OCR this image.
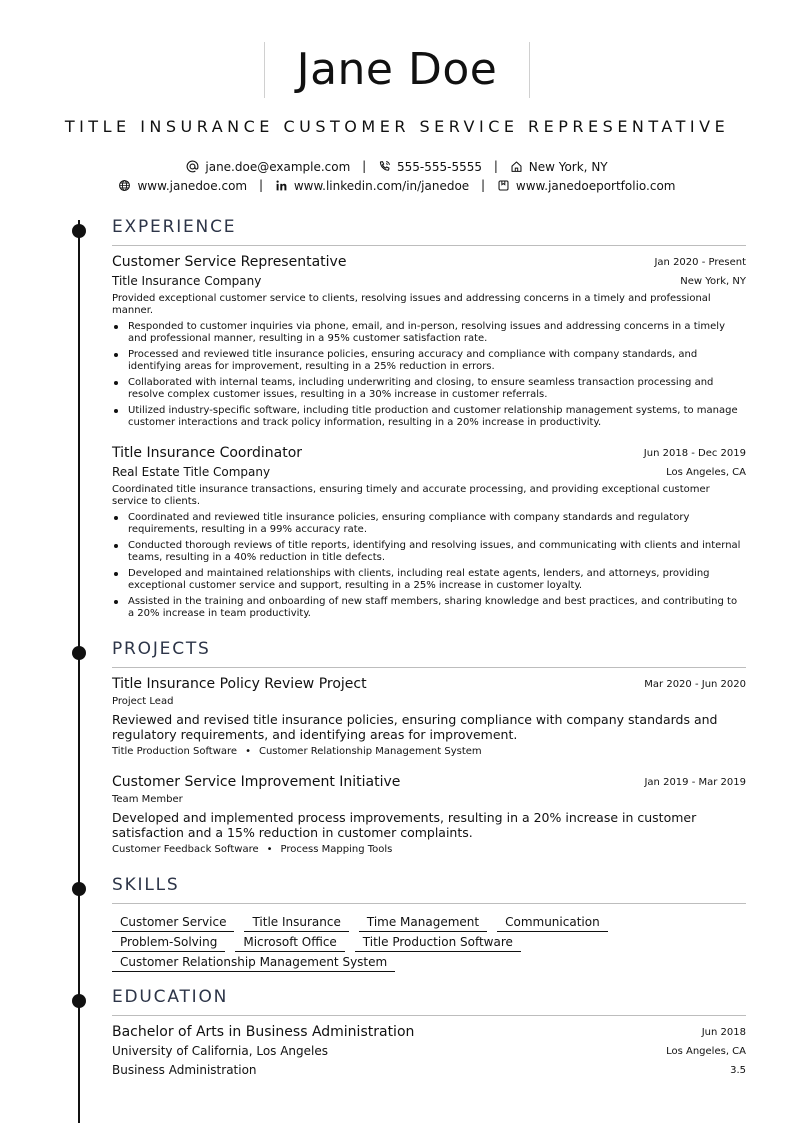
Jane Doe
TITLE INSURANCE CUSTOMER SERVICE REPRESENTATIVE
jane.doe@example.com |	555-555-5555 |	New York, NY
www.janedoe.com |	www.linkedin.com/in/janedoe |	www.janedoeportfolio.com
EXPERIENCE
Customer Service Representative	Jan 2020 - Present
Title Insurance Company	New York, NY
Provided exceptional customer service to clients, resolving issues and addressing concerns in a timely and professional manner.
Responded to customer inquiries via phone, email, and in-person, resolving issues and addressing concerns in a timely and professional manner, resulting in a 95% customer satisfaction rate.
Processed and reviewed title insurance policies, ensuring accuracy and compliance with company standards, and identifying areas for improvement, resulting in a 25% reduction in errors.
Collaborated with internal teams, including underwriting and closing, to ensure seamless transaction processing and resolve complex customer issues, resulting in a 30% increase in customer referrals.
Utilized industry-specific software, including title production and customer relationship management systems, to manage customer interactions and track policy information, resulting in a 20% increase in productivity.
Title Insurance Coordinator	Jun 2018 - Dec 2019
Real Estate Title Company	Los Angeles, CA
Coordinated title insurance transactions, ensuring timely and accurate processing, and providing exceptional customer service to clients.
Coordinated and reviewed title insurance policies, ensuring compliance with company standards and regulatory requirements, resulting in a 99% accuracy rate.
Conducted thorough reviews of title reports, identifying and resolving issues, and communicating with clients and internal teams, resulting in a 40% reduction in title defects.
Developed and maintained relationships with clients, including real estate agents, lenders, and attorneys, providing exceptional customer service and support, resulting in a 25% increase in customer loyalty.
Assisted in the training and onboarding of new staff members, sharing knowledge and best practices, and contributing to a 20% increase in team productivity.
PROJECTS
Title Insurance Policy Review Project	Mar 2020 - Jun 2020
Project Lead
Reviewed and revised title insurance policies, ensuring compliance with company standards and regulatory requirements, and identifying areas for improvement.
Title Production Software • Customer Relationship Management System
Customer Service Improvement Initiative	Jan 2019 - Mar 2019
Team Member
Developed and implemented process improvements, resulting in a 20% increase in customer satisfaction and a 15% reduction in customer complaints.
Customer Feedback Software • Process Mapping Tools
SKILLS
Customer Service Title Insurance Time Management Communication
Problem-Solving Microsoft Office Title Production Software
Customer Relationship Management System
EDUCATION
Bachelor of Arts in Business Administration	Jun 2018
University of California, Los Angeles	Los Angeles, CA
Business Administration	3.5
